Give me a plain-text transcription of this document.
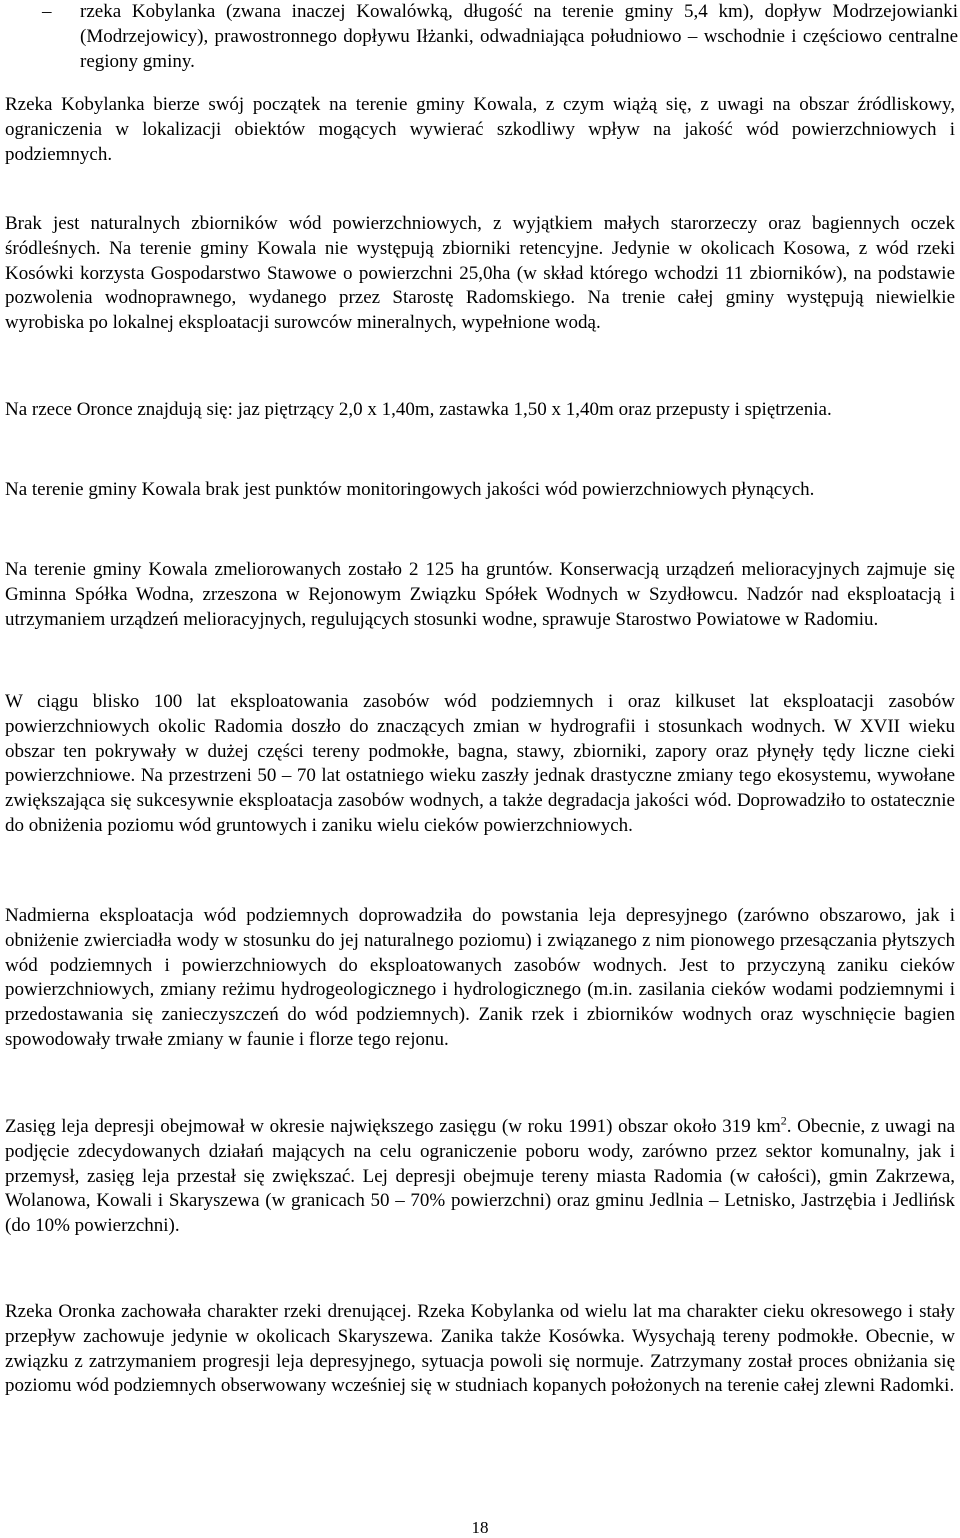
–	rzeka Kobylanka (zwana inaczej Kowalówką, długość na terenie gminy 5,4 km), dopływ Modrzejowianki (Modrzejowicy), prawostronnego dopływu Iłżanki, odwadniająca południowo – wschodnie i częściowo centralne regiony gminy.

Rzeka Kobylanka bierze swój początek na terenie gminy Kowala, z czym wiążą się, z uwagi na obszar źródliskowy, ograniczenia w lokalizacji obiektów mogących wywierać szkodliwy wpływ na jakość wód powierzchniowych i podziemnych.

Brak jest naturalnych zbiorników wód powierzchniowych, z wyjątkiem małych starorzeczy oraz bagiennych oczek śródleśnych. Na terenie gminy Kowala nie występują zbiorniki retencyjne. Jedynie w okolicach Kosowa, z wód rzeki Kosówki korzysta Gospodarstwo Stawowe o powierzchni 25,0ha (w skład którego wchodzi 11 zbiorników), na podstawie pozwolenia wodnoprawnego, wydanego przez Starostę Radomskiego. Na trenie całej gminy występują niewielkie wyrobiska po lokalnej eksploatacji surowców mineralnych, wypełnione wodą.

Na rzece Oronce znajdują się: jaz piętrzący 2,0 x 1,40m, zastawka 1,50 x 1,40m oraz przepusty i spiętrzenia.

Na terenie gminy Kowala brak jest punktów monitoringowych jakości wód powierzchniowych płynących.

Na terenie gminy Kowala zmeliorowanych zostało 2 125 ha gruntów. Konserwacją urządzeń melioracyjnych zajmuje się Gminna Spółka Wodna, zrzeszona w Rejonowym Związku Spółek Wodnych w Szydłowcu. Nadzór nad eksploatacją i utrzymaniem urządzeń melioracyjnych, regulujących stosunki wodne, sprawuje Starostwo Powiatowe w Radomiu.

W ciągu blisko 100 lat eksploatowania zasobów wód podziemnych i oraz kilkuset lat eksploatacji zasobów powierzchniowych okolic Radomia doszło do znaczących zmian w hydrografii i stosunkach wodnych. W XVII wieku obszar ten pokrywały w dużej części tereny podmokłe, bagna, stawy, zbiorniki, zapory oraz płynęły tędy liczne cieki powierzchniowe. Na przestrzeni 50 – 70 lat ostatniego wieku zaszły jednak drastyczne zmiany tego ekosystemu, wywołane zwiększająca się sukcesywnie eksploatacja zasobów wodnych, a także degradacja jakości wód. Doprowadziło to ostatecznie do obniżenia poziomu wód gruntowych i zaniku wielu cieków powierzchniowych.

Nadmierna eksploatacja wód podziemnych doprowadziła do powstania leja depresyjnego (zarówno obszarowo, jak i obniżenie zwierciadła wody w stosunku do jej naturalnego poziomu) i związanego z nim pionowego przesączania płytszych wód podziemnych i powierzchniowych do eksploatowanych zasobów wodnych. Jest to przyczyną zaniku cieków powierzchniowych, zmiany reżimu hydrogeologicznego i hydrologicznego (m.in. zasilania cieków wodami podziemnymi i przedostawania się zanieczyszczeń do wód podziemnych). Zanik rzek i zbiorników wodnych oraz wyschnięcie bagien spowodowały trwałe zmiany w faunie i florze tego rejonu.

Zasięg leja depresji obejmował w okresie największego zasięgu (w roku 1991) obszar około 319 $km^2$. Obecnie, z uwagi na podjęcie zdecydowanych działań mających na celu ograniczenie poboru wody, zarówno przez sektor komunalny, jak i przemysł, zasięg leja przestał się zwiększać. Lej depresji obejmuje tereny miasta Radomia (w całości), gmin Zakrzewa, Wolanowa, Kowali i Skaryszewa (w granicach 50 – 70% powierzchni) oraz gminu Jedlnia – Letnisko, Jastrzębia i Jedlińsk (do 10% powierzchni).

Rzeka Oronka zachowała charakter rzeki drenującej. Rzeka Kobylanka od wielu lat ma charakter cieku okresowego i stały przepływ zachowuje jedynie w okolicach Skaryszewa. Zanika także Kosówka. Wysychają tereny podmokłe. Obecnie, w związku z zatrzymaniem progresji leja depresyjnego, sytuacja powoli się normuje. Zatrzymany został proces obniżania się poziomu wód podziemnych obserwowany wcześniej się w studniach kopanych położonych na terenie całej zlewni Radomki.

18
